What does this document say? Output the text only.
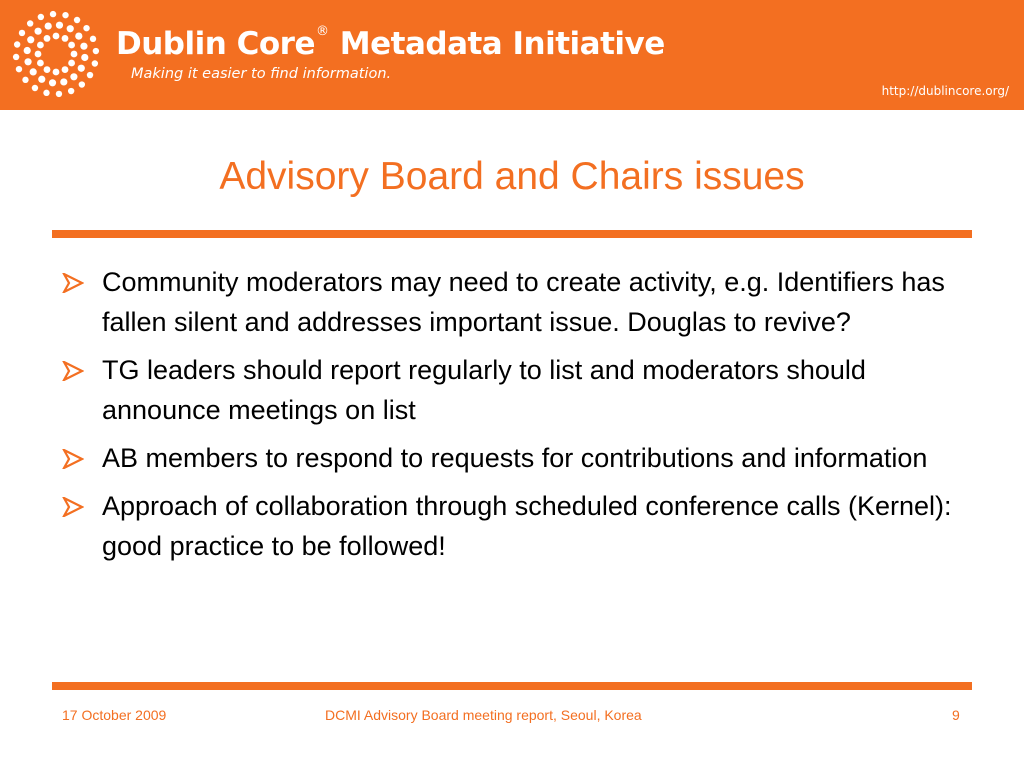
Dublin Core® Metadata Initiative
Making it easier to find information.
http://dublincore.org/
Advisory Board and Chairs issues
Community moderators may need to create activity, e.g. Identifiers has fallen silent and addresses important issue. Douglas to revive?
TG leaders should report regularly to list and moderators should announce meetings on list
AB members to respond to requests for contributions and information
Approach of collaboration through scheduled conference calls (Kernel): good practice to be followed!
17 October 2009	DCMI Advisory Board meeting report, Seoul, Korea	9
